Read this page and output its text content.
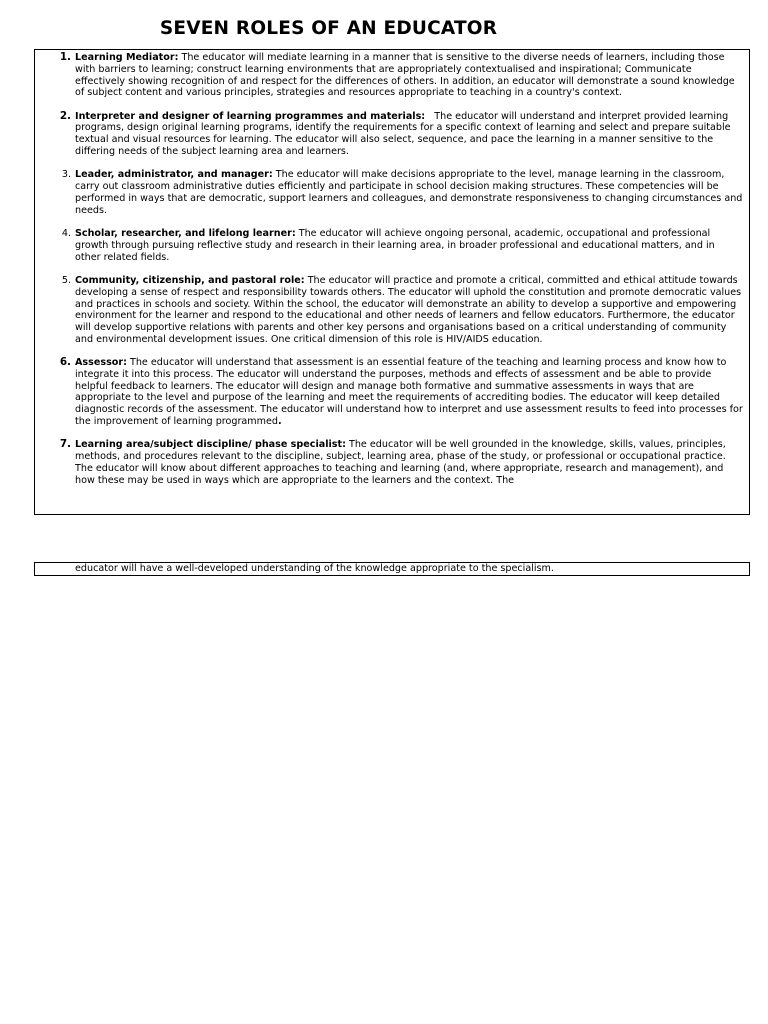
SEVEN ROLES OF AN EDUCATOR
1. Learning Mediator: The educator will mediate learning in a manner that is sensitive to the diverse needs of learners, including those with barriers to learning; construct learning environments that are appropriately contextualised and inspirational; Communicate effectively showing recognition of and respect for the differences of others. In addition, an educator will demonstrate a sound knowledge of subject content and various principles, strategies and resources appropriate to teaching in a country's context.
2. Interpreter and designer of learning programmes and materials:   The educator will understand and interpret provided learning programs, design original learning programs, identify the requirements for a specific context of learning and select and prepare suitable textual and visual resources for learning. The educator will also select, sequence, and pace the learning in a manner sensitive to the differing needs of the subject learning area and learners.
3. Leader, administrator, and manager: The educator will make decisions appropriate to the level, manage learning in the classroom, carry out classroom administrative duties efficiently and participate in school decision making structures. These competencies will be performed in ways that are democratic, support learners and colleagues, and demonstrate responsiveness to changing circumstances and needs.
4. Scholar, researcher, and lifelong learner: The educator will achieve ongoing personal, academic, occupational and professional growth through pursuing reflective study and research in their learning area, in broader professional and educational matters, and in other related fields.
5. Community, citizenship, and pastoral role: The educator will practice and promote a critical, committed and ethical attitude towards developing a sense of respect and responsibility towards others. The educator will uphold the constitution and promote democratic values and practices in schools and society. Within the school, the educator will demonstrate an ability to develop a supportive and empowering environment for the learner and respond to the educational and other needs of learners and fellow educators. Furthermore, the educator will develop supportive relations with parents and other key persons and organisations based on a critical understanding of community and environmental development issues. One critical dimension of this role is HIV/AIDS education.
6. Assessor: The educator will understand that assessment is an essential feature of the teaching and learning process and know how to integrate it into this process. The educator will understand the purposes, methods and effects of assessment and be able to provide helpful feedback to learners. The educator will design and manage both formative and summative assessments in ways that are appropriate to the level and purpose of the learning and meet the requirements of accrediting bodies. The educator will keep detailed diagnostic records of the assessment. The educator will understand how to interpret and use assessment results to feed into processes for the improvement of learning programmed.
7. Learning area/subject discipline/ phase specialist: The educator will be well grounded in the knowledge, skills, values, principles, methods, and procedures relevant to the discipline, subject, learning area, phase of the study, or professional or occupational practice. The educator will know about different approaches to teaching and learning (and, where appropriate, research and management), and how these may be used in ways which are appropriate to the learners and the context. The
educator will have a well-developed understanding of the knowledge appropriate to the specialism.
